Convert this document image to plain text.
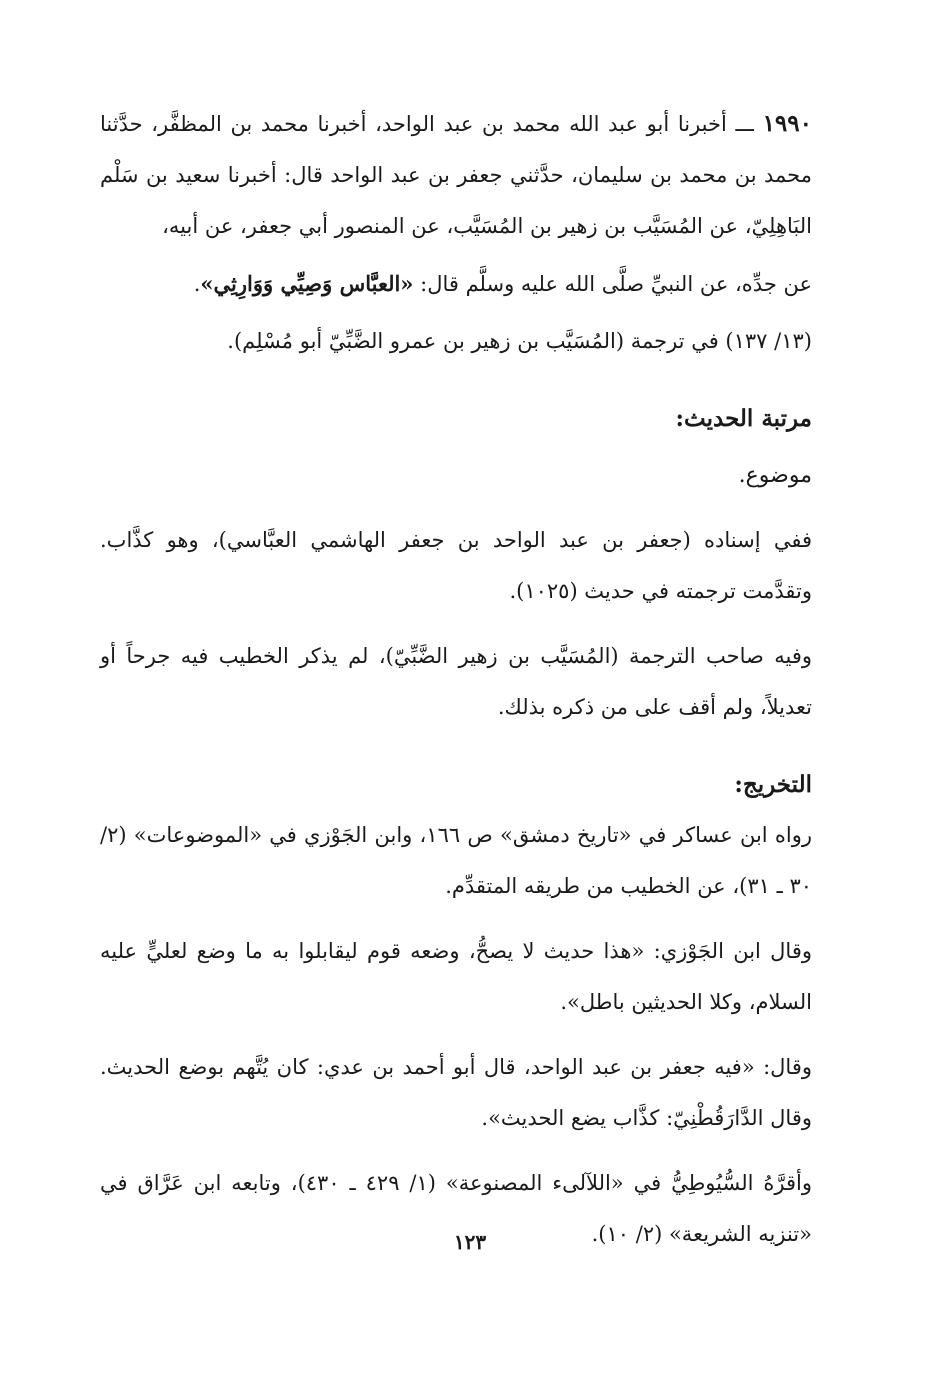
١٩٩٠ ـــ أخبرنا أبو عبد الله محمد بن عبد الواحد، أخبرنا محمد بن المظفَّر، حدَّثنا محمد بن محمد بن سليمان، حدَّثني جعفر بن عبد الواحد قال: أخبرنا سعيد بن سَلْم البَاهِلِيّ، عن المُسَيَّب بن زهير بن المُسَيَّب، عن المنصور أبي جعفر، عن أبيه،

عن جدِّه، عن النبيِّ صلَّى الله عليه وسلَّم قال: «العبَّاس وَصِيِّي وَوَارِثِي».

(١٣/ ١٣٧) في ترجمة (المُسَيَّب بن زهير بن عمرو الضَّبِّيّ أبو مُسْلِم).

مرتبة الحديث:

موضوع.

ففي إسناده (جعفر بن عبد الواحد بن جعفر الهاشمي العبَّاسي)، وهو كذَّاب. وتقدَّمت ترجمته في حديث (١٠٢٥).

وفيه صاحب الترجمة (المُسَيَّب بن زهير الضَّبِّيّ)، لم يذكر الخطيب فيه جرحاً أو تعديلاً، ولم أقف على من ذكره بذلك.

التخريج:

رواه ابن عساكر في «تاريخ دمشق» ص ١٦٦، وابن الجَوْزي في «الموضوعات» (٢/ ٣٠ ـ ٣١)، عن الخطيب من طريقه المتقدِّم.

وقال ابن الجَوْزي: «هذا حديث لا يصحُّ، وضعه قوم ليقابلوا به ما وضع لعليٍّ عليه السلام، وكلا الحديثين باطل».

وقال: «فيه جعفر بن عبد الواحد، قال أبو أحمد بن عدي: كان يُتَّهم بوضع الحديث. وقال الدَّارَقُطْنِيّ: كذَّاب يضع الحديث».

وأقرَّهُ السُّيُوطِيُّ في «اللآلىء المصنوعة» (١/ ٤٢٩ ـ ٤٣٠)، وتابعه ابن عَرَّاق في «تنزيه الشريعة» (٢/ ١٠).

١٢٣
